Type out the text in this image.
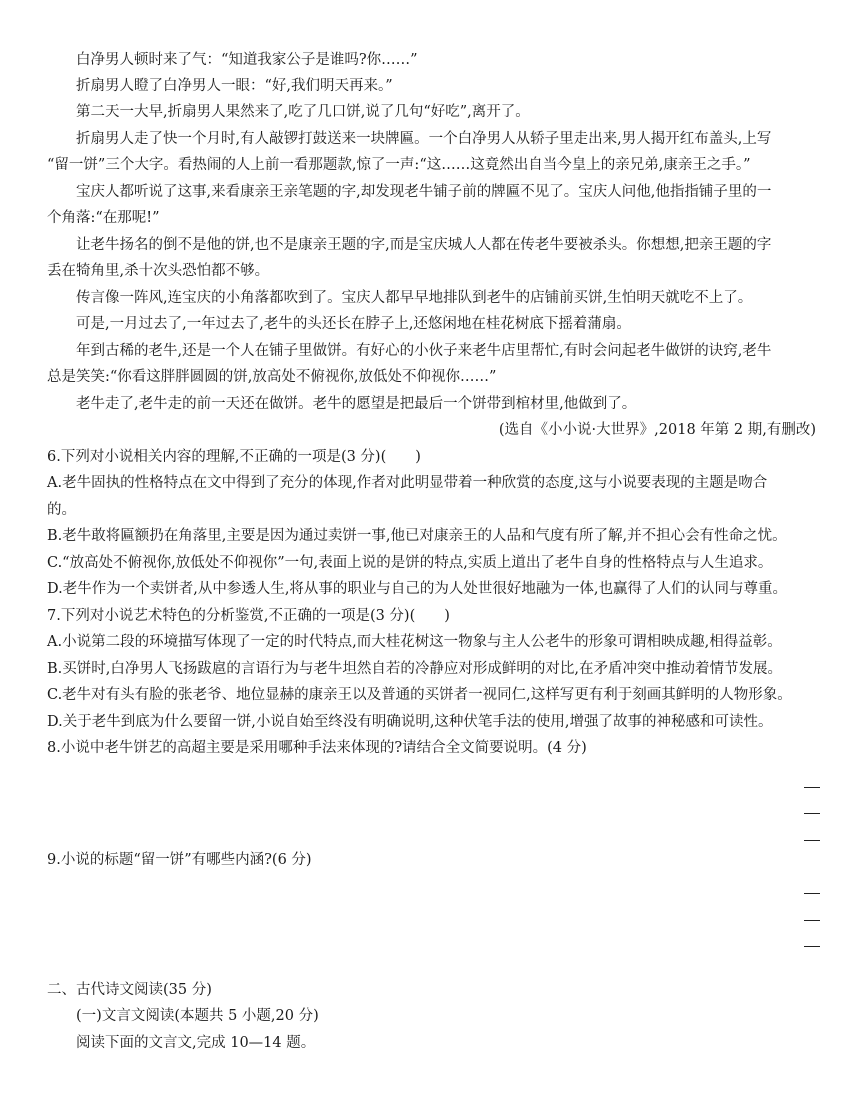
白净男人顿时来了气：“知道我家公子是谁吗?你……”
折扇男人瞪了白净男人一眼：“好,我们明天再来。”
第二天一大早,折扇男人果然来了,吃了几口饼,说了几句“好吃”,离开了。
折扇男人走了快一个月时,有人敲锣打鼓送来一块牌匾。一个白净男人从轿子里走出来,男人揭开红布盖头,上写
“留一饼”三个大字。看热闹的人上前一看那题款,惊了一声:“这……这竟然出自当今皇上的亲兄弟,康亲王之手。”
宝庆人都听说了这事,来看康亲王亲笔题的字,却发现老牛铺子前的牌匾不见了。宝庆人问他,他指指铺子里的一
个角落:“在那呢!”
让老牛扬名的倒不是他的饼,也不是康亲王题的字,而是宝庆城人人都在传老牛要被杀头。你想想,把亲王题的字
丢在犄角里,杀十次头恐怕都不够。
传言像一阵风,连宝庆的小角落都吹到了。宝庆人都早早地排队到老牛的店铺前买饼,生怕明天就吃不上了。
可是,一月过去了,一年过去了,老牛的头还长在脖子上,还悠闲地在桂花树底下摇着蒲扇。
年到古稀的老牛,还是一个人在铺子里做饼。有好心的小伙子来老牛店里帮忙,有时会问起老牛做饼的诀窍,老牛
总是笑笑:“你看这胖胖圆圆的饼,放高处不俯视你,放低处不仰视你……”
老牛走了,老牛走的前一天还在做饼。老牛的愿望是把最后一个饼带到棺材里,他做到了。
(选自《小小说·大世界》,2018 年第 2 期,有删改)
6.下列对小说相关内容的理解,不正确的一项是(3 分)(　　)
A.老牛固执的性格特点在文中得到了充分的体现,作者对此明显带着一种欣赏的态度,这与小说要表现的主题是吻合
的。
B.老牛敢将匾额扔在角落里,主要是因为通过卖饼一事,他已对康亲王的人品和气度有所了解,并不担心会有性命之忧。
C.“放高处不俯视你,放低处不仰视你”一句,表面上说的是饼的特点,实质上道出了老牛自身的性格特点与人生追求。
D.老牛作为一个卖饼者,从中参透人生,将从事的职业与自己的为人处世很好地融为一体,也赢得了人们的认同与尊重。
7.下列对小说艺术特色的分析鉴赏,不正确的一项是(3 分)(　　)
A.小说第二段的环境描写体现了一定的时代特点,而大桂花树这一物象与主人公老牛的形象可谓相映成趣,相得益彰。
B.买饼时,白净男人飞扬跋扈的言语行为与老牛坦然自若的冷静应对形成鲜明的对比,在矛盾冲突中推动着情节发展。
C.老牛对有头有脸的张老爷、地位显赫的康亲王以及普通的买饼者一视同仁,这样写更有利于刻画其鲜明的人物形象。
D.关于老牛到底为什么要留一饼,小说自始至终没有明确说明,这种伏笔手法的使用,增强了故事的神秘感和可读性。
8.小说中老牛饼艺的高超主要是采用哪种手法来体现的?请结合全文简要说明。(4 分)
9.小说的标题“留一饼”有哪些内涵?(6 分)
二、古代诗文阅读(35 分)
(一)文言文阅读(本题共 5 小题,20 分)
阅读下面的文言文,完成 10—14 题。
